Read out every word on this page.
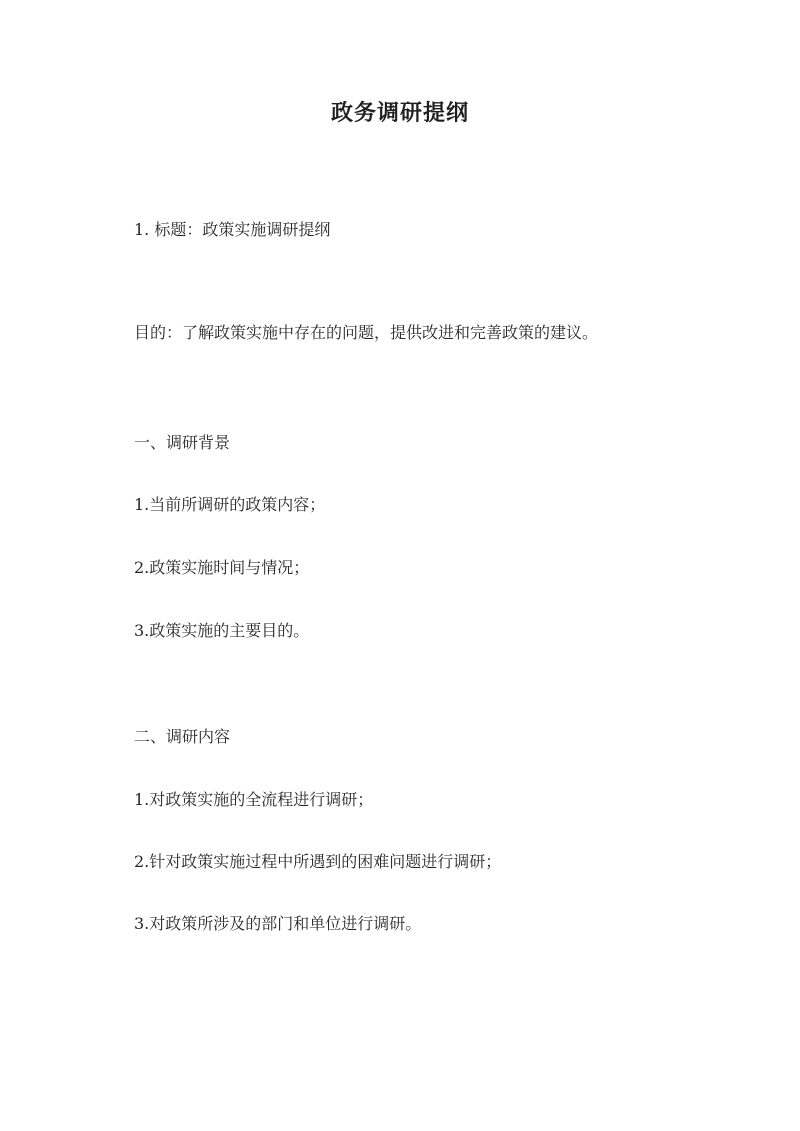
政务调研提纲
1. 标题：政策实施调研提纲
目的：了解政策实施中存在的问题，提供改进和完善政策的建议。
一、调研背景
1.当前所调研的政策内容；
2.政策实施时间与情况；
3.政策实施的主要目的。
二、调研内容
1.对政策实施的全流程进行调研；
2.针对政策实施过程中所遇到的困难问题进行调研；
3.对政策所涉及的部门和单位进行调研。
